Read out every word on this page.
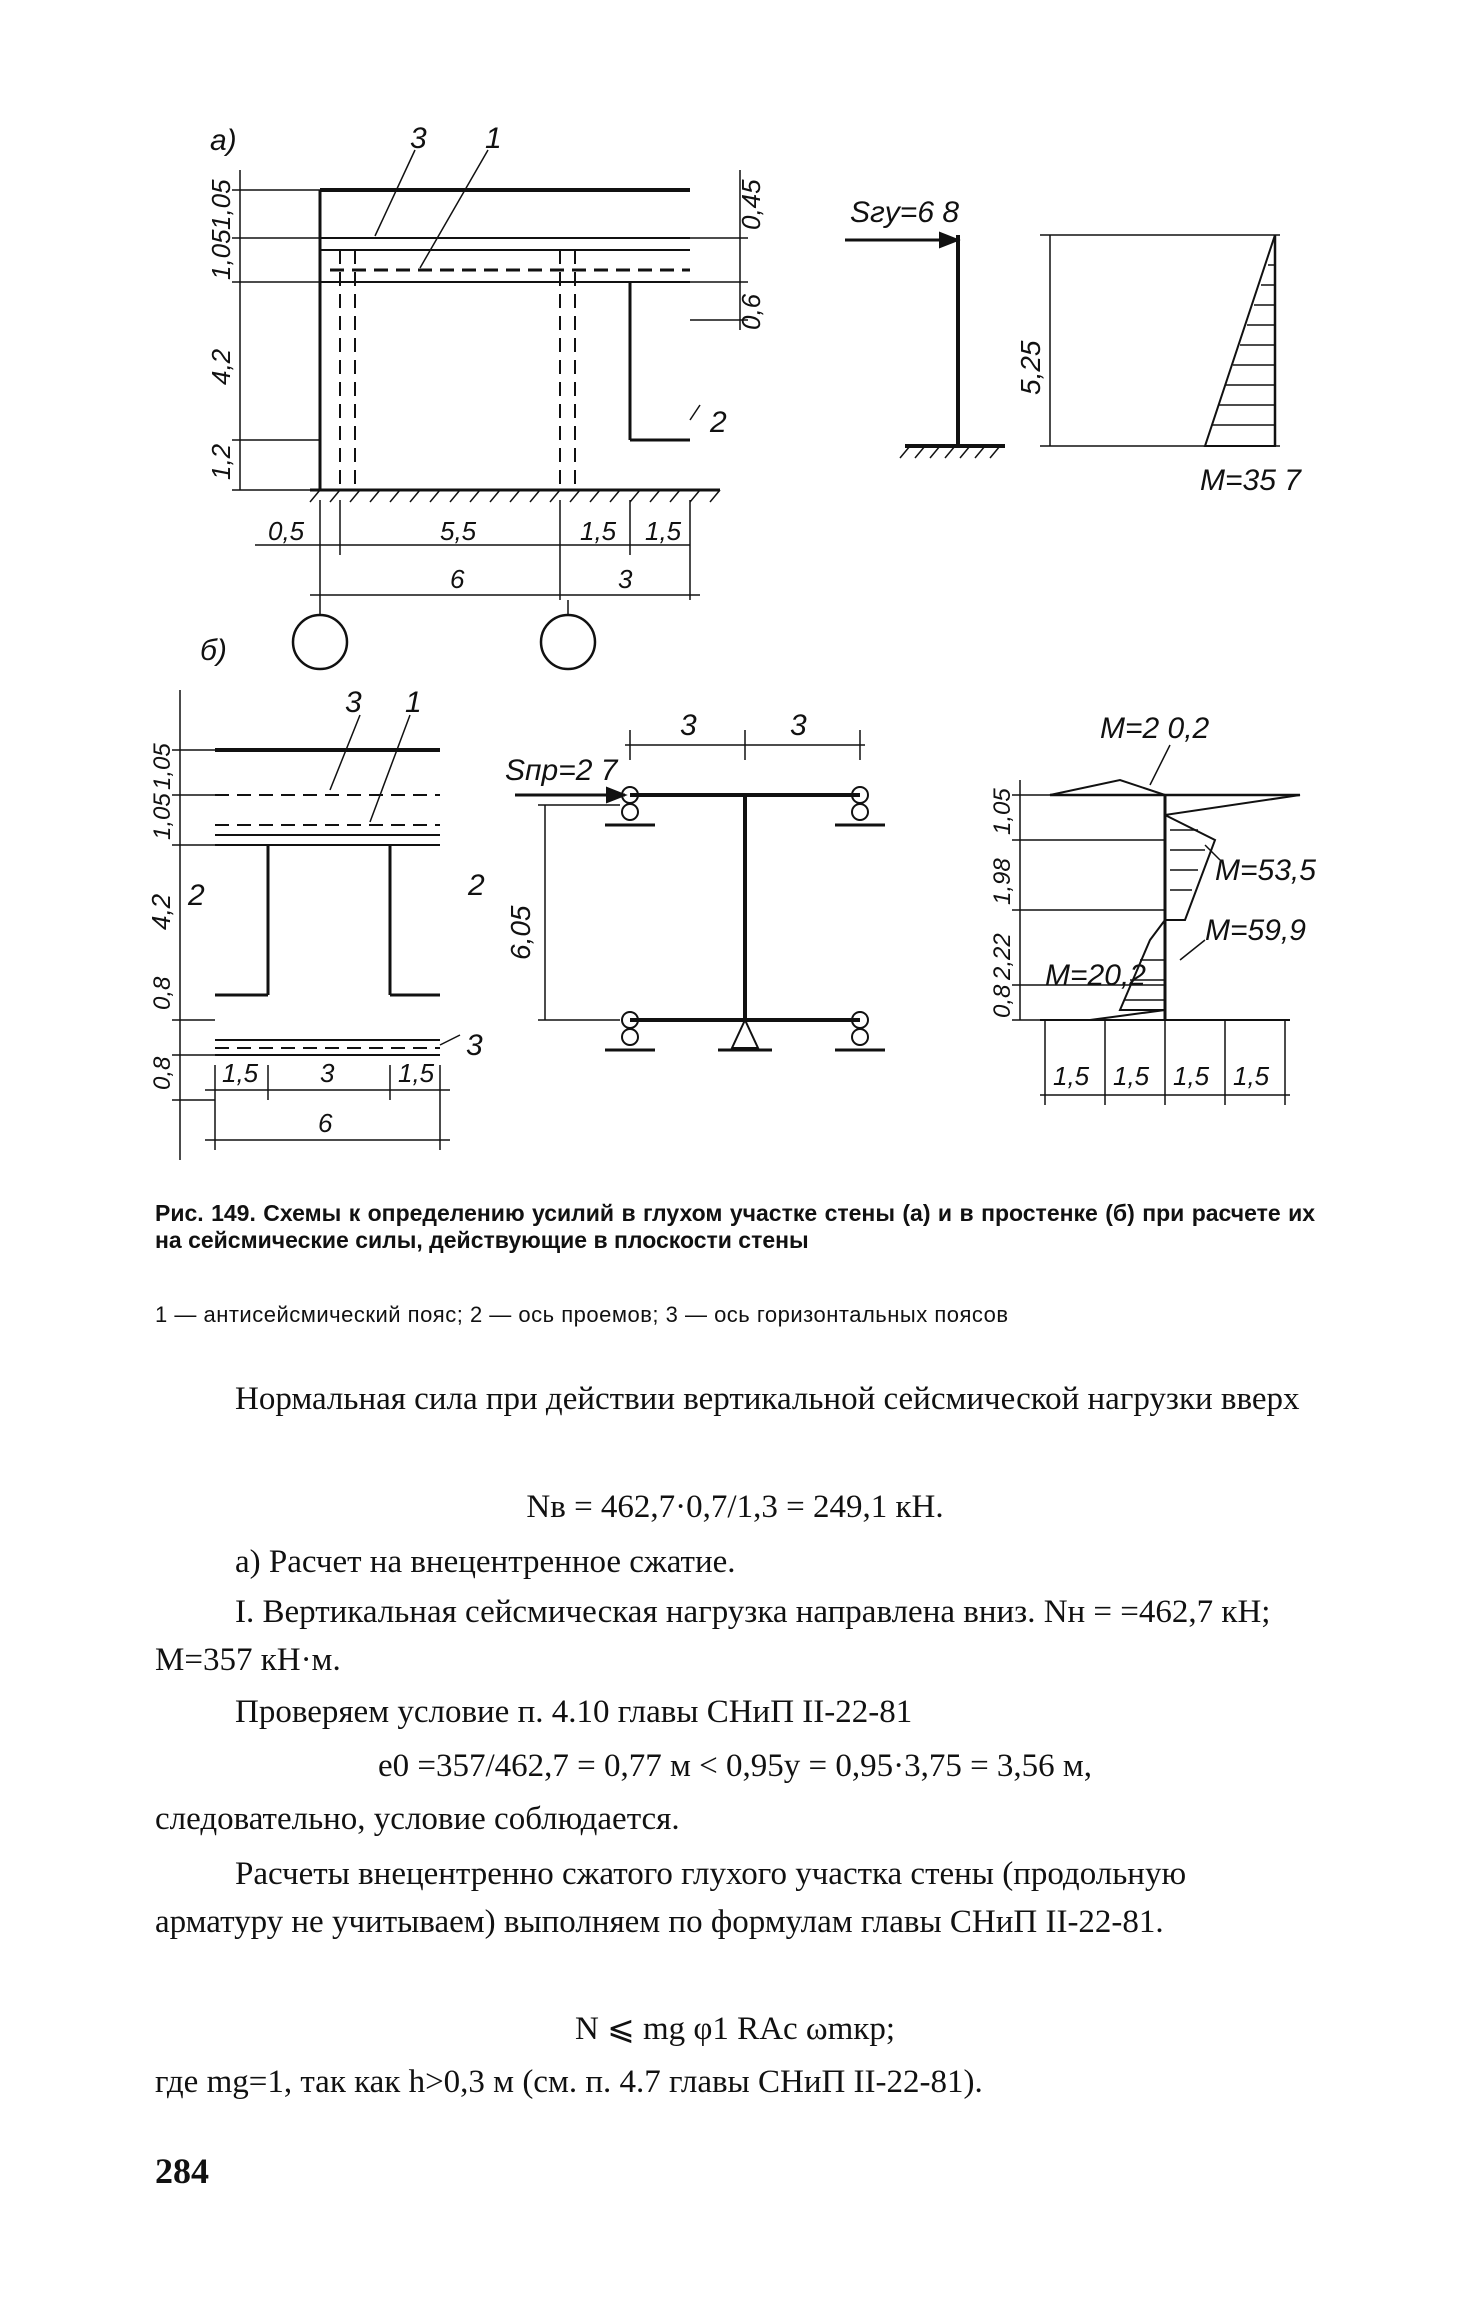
а)
б)
3 1
1,05
1,05
4,2
1,2
0,45
0,6
2
0,5	5,5	1,5 1,5
6	3
Sгу=6 8
5,25
M=35 7
3 1
1,05
1,05
4,2
0,8
0,8
2	2
3
1,5 3 1,5
6
Sпр=2 7
3	3
6,05
M=2 0,2
M=53,5
M=59,9
M=20,2
1,05
1,98
2,22
0,8
1,5 1,5 1,5 1,5
Рис. 149. Схемы к определению усилий в глухом участке стены (а) и в простенке (б) при расчете их на сейсмические силы, действующие в плоскости стены
1 — антисейсмический пояс; 2 — ось проемов; 3 — ось горизонтальных поясов
Нормальная сила при действии вертикальной сейсмической нагрузки вверх
Nв = 462,7·0,7/1,3 = 249,1 кН.
а) Расчет на внецентренное сжатие.
I. Вертикальная сейсмическая нагрузка направлена вниз. Nн = =462,7 кН; M=357 кН·м.
Проверяем условие п. 4.10 главы СНиП II-22-81
e0 =357/462,7 = 0,77 м < 0,95y = 0,95·3,75 = 3,56 м,
следовательно, условие соблюдается.
Расчеты внецентренно сжатого глухого участка стены (продольную арматуру не учитываем) выполняем по формулам главы СНиП II-22-81.
N ⩽ mg φ1 RAc ωmкр;
где mg=1, так как h>0,3 м (см. п. 4.7 главы СНиП II-22-81).
284
